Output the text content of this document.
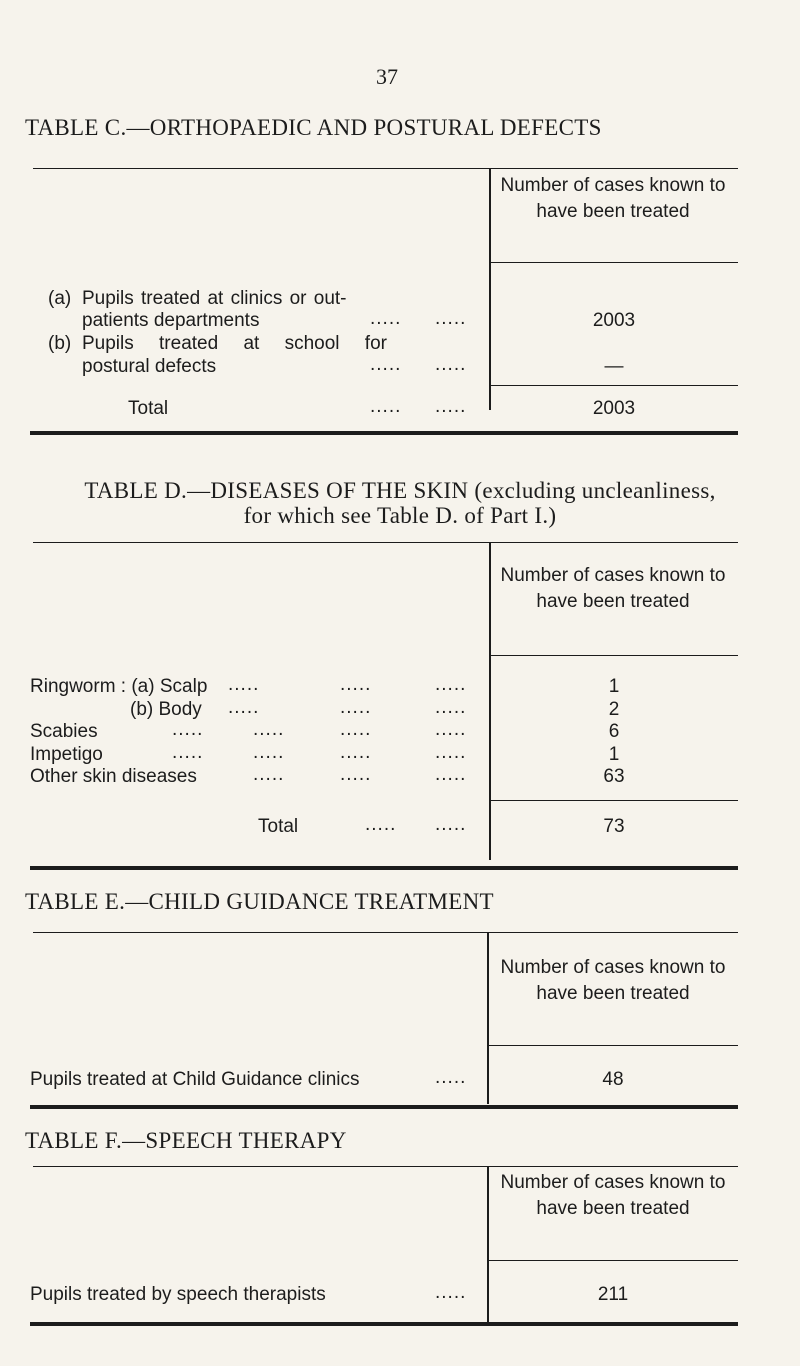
37
TABLE C.—ORTHOPAEDIC AND POSTURAL DEFECTS
Number of cases known to have been treated
(a) Pupils treated at clinics or out-
patients departments	..... .....	2003
(b) Pupils treated at school for
postural defects	..... .....	—
Total	..... .....	2003
TABLE D.—DISEASES OF THE SKIN (excluding uncleanliness,
for which see Table D. of Part I.)
Number of cases known to have been treated
Ringworm : (a) Scalp .....	.....	.....	1
(b) Body .....	.....	.....	2
Scabies	.....	.....	.....	.....	6
Impetigo	.....	.....	.....	.....	1
Other skin diseases	.....	.....	.....	63
Total	..... .....	73
TABLE E.—CHILD GUIDANCE TREATMENT
Number of cases known to have been treated
Pupils treated at Child Guidance clinics	.....	48
TABLE F.—SPEECH THERAPY
Number of cases known to have been treated
Pupils treated by speech therapists	.....	211
